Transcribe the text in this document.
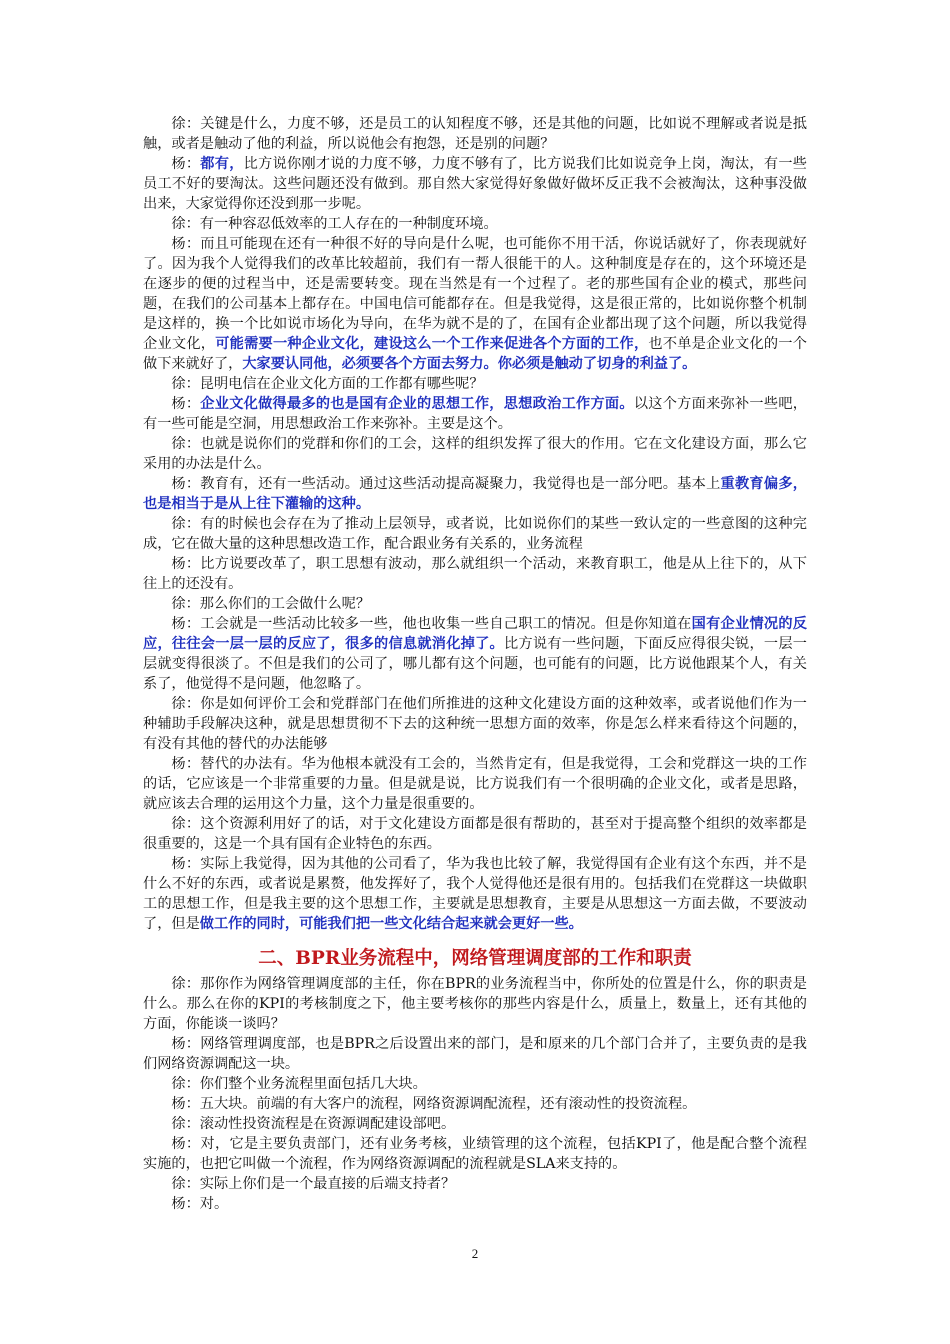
徐：关键是什么，力度不够，还是员工的认知程度不够，还是其他的问题，比如说不理解或者说是抵触，或者是触动了他的利益，所以说他会有抱怨，还是别的问题？

杨：都有，比方说你刚才说的力度不够，力度不够有了，比方说我们比如说竞争上岗，淘汰，有一些员工不好的要淘汰。这些问题还没有做到。那自然大家觉得好象做好做坏反正我不会被淘汰，这种事没做出来，大家觉得你还没到那一步呢。

徐：有一种容忍低效率的工人存在的一种制度环境。

杨：而且可能现在还有一种很不好的导向是什么呢，也可能你不用干活，你说话就好了，你表现就好了。因为我个人觉得我们的改革比较超前，我们有一帮人很能干的人。这种制度是存在的，这个环境还是在逐步的便的过程当中，还是需要转变。现在当然是有一个过程了。老的那些国有企业的模式，那些问题，在我们的公司基本上都存在。中国电信可能都存在。但是我觉得，这是很正常的，比如说你整个机制是这样的，换一个比如说市场化为导向，在华为就不是的了，在国有企业都出现了这个问题，所以我觉得企业文化，可能需要一种企业文化，建设这么一个工作来促进各个方面的工作，也不单是企业文化的一个做下来就好了，大家要认同他，必须要各个方面去努力。你必须是触动了切身的利益了。

徐：昆明电信在企业文化方面的工作都有哪些呢？

杨：企业文化做得最多的也是国有企业的思想工作，思想政治工作方面。以这个方面来弥补一些吧，有一些可能是空洞，用思想政治工作来弥补。主要是这个。

徐：也就是说你们的党群和你们的工会，这样的组织发挥了很大的作用。它在文化建设方面，那么它采用的办法是什么。

杨：教育有，还有一些活动。通过这些活动提高凝聚力，我觉得也是一部分吧。基本上重教育偏多，也是相当于是从上往下灌输的这种。

徐：有的时候也会存在为了推动上层领导，或者说，比如说你们的某些一致认定的一些意图的这种完成，它在做大量的这种思想改造工作，配合跟业务有关系的，业务流程

杨：比方说要改革了，职工思想有波动，那么就组织一个活动，来教育职工，他是从上往下的，从下往上的还没有。

徐：那么你们的工会做什么呢？

杨：工会就是一些活动比较多一些，他也收集一些自己职工的情况。但是你知道在国有企业情况的反应，往往会一层一层的反应了，很多的信息就消化掉了。比方说有一些问题，下面反应得很尖锐，一层一层就变得很淡了。不但是我们的公司了，哪儿都有这个问题，也可能有的问题，比方说他跟某个人，有关系了，他觉得不是问题，他忽略了。

徐：你是如何评价工会和党群部门在他们所推进的这种文化建设方面的这种效率，或者说他们作为一种辅助手段解决这种，就是思想贯彻不下去的这种统一思想方面的效率，你是怎么样来看待这个问题的，有没有其他的替代的办法能够

杨：替代的办法有。华为他根本就没有工会的，当然肯定有，但是我觉得，工会和党群这一块的工作的话，它应该是一个非常重要的力量。但是就是说，比方说我们有一个很明确的企业文化，或者是思路，就应该去合理的运用这个力量，这个力量是很重要的。

徐：这个资源利用好了的话，对于文化建设方面都是很有帮助的，甚至对于提高整个组织的效率都是很重要的，这是一个具有国有企业特色的东西。

杨：实际上我觉得，因为其他的公司看了，华为我也比较了解，我觉得国有企业有这个东西，并不是什么不好的东西，或者说是累赘，他发挥好了，我个人觉得他还是很有用的。包括我们在党群这一块做职工的思想工作，但是我主要的这个思想工作，主要就是思想教育，主要是从思想这一方面去做，不要波动了，但是做工作的同时，可能我们把一些文化结合起来就会更好一些。

二、BPR业务流程中，网络管理调度部的工作和职责

徐：那你作为网络管理调度部的主任，你在BPR的业务流程当中，你所处的位置是什么，你的职责是什么。那么在你的KPI的考核制度之下，他主要考核你的那些内容是什么，质量上，数量上，还有其他的方面，你能谈一谈吗？

杨：网络管理调度部，也是BPR之后设置出来的部门，是和原来的几个部门合并了，主要负责的是我们网络资源调配这一块。

徐：你们整个业务流程里面包括几大块。

杨：五大块。前端的有大客户的流程，网络资源调配流程，还有滚动性的投资流程。

徐：滚动性投资流程是在资源调配建设部吧。

杨：对，它是主要负责部门，还有业务考核，业绩管理的这个流程，包括KPI了，他是配合整个流程实施的，也把它叫做一个流程，作为网络资源调配的流程就是SLA来支持的。

徐：实际上你们是一个最直接的后端支持者？

杨：对。

2
